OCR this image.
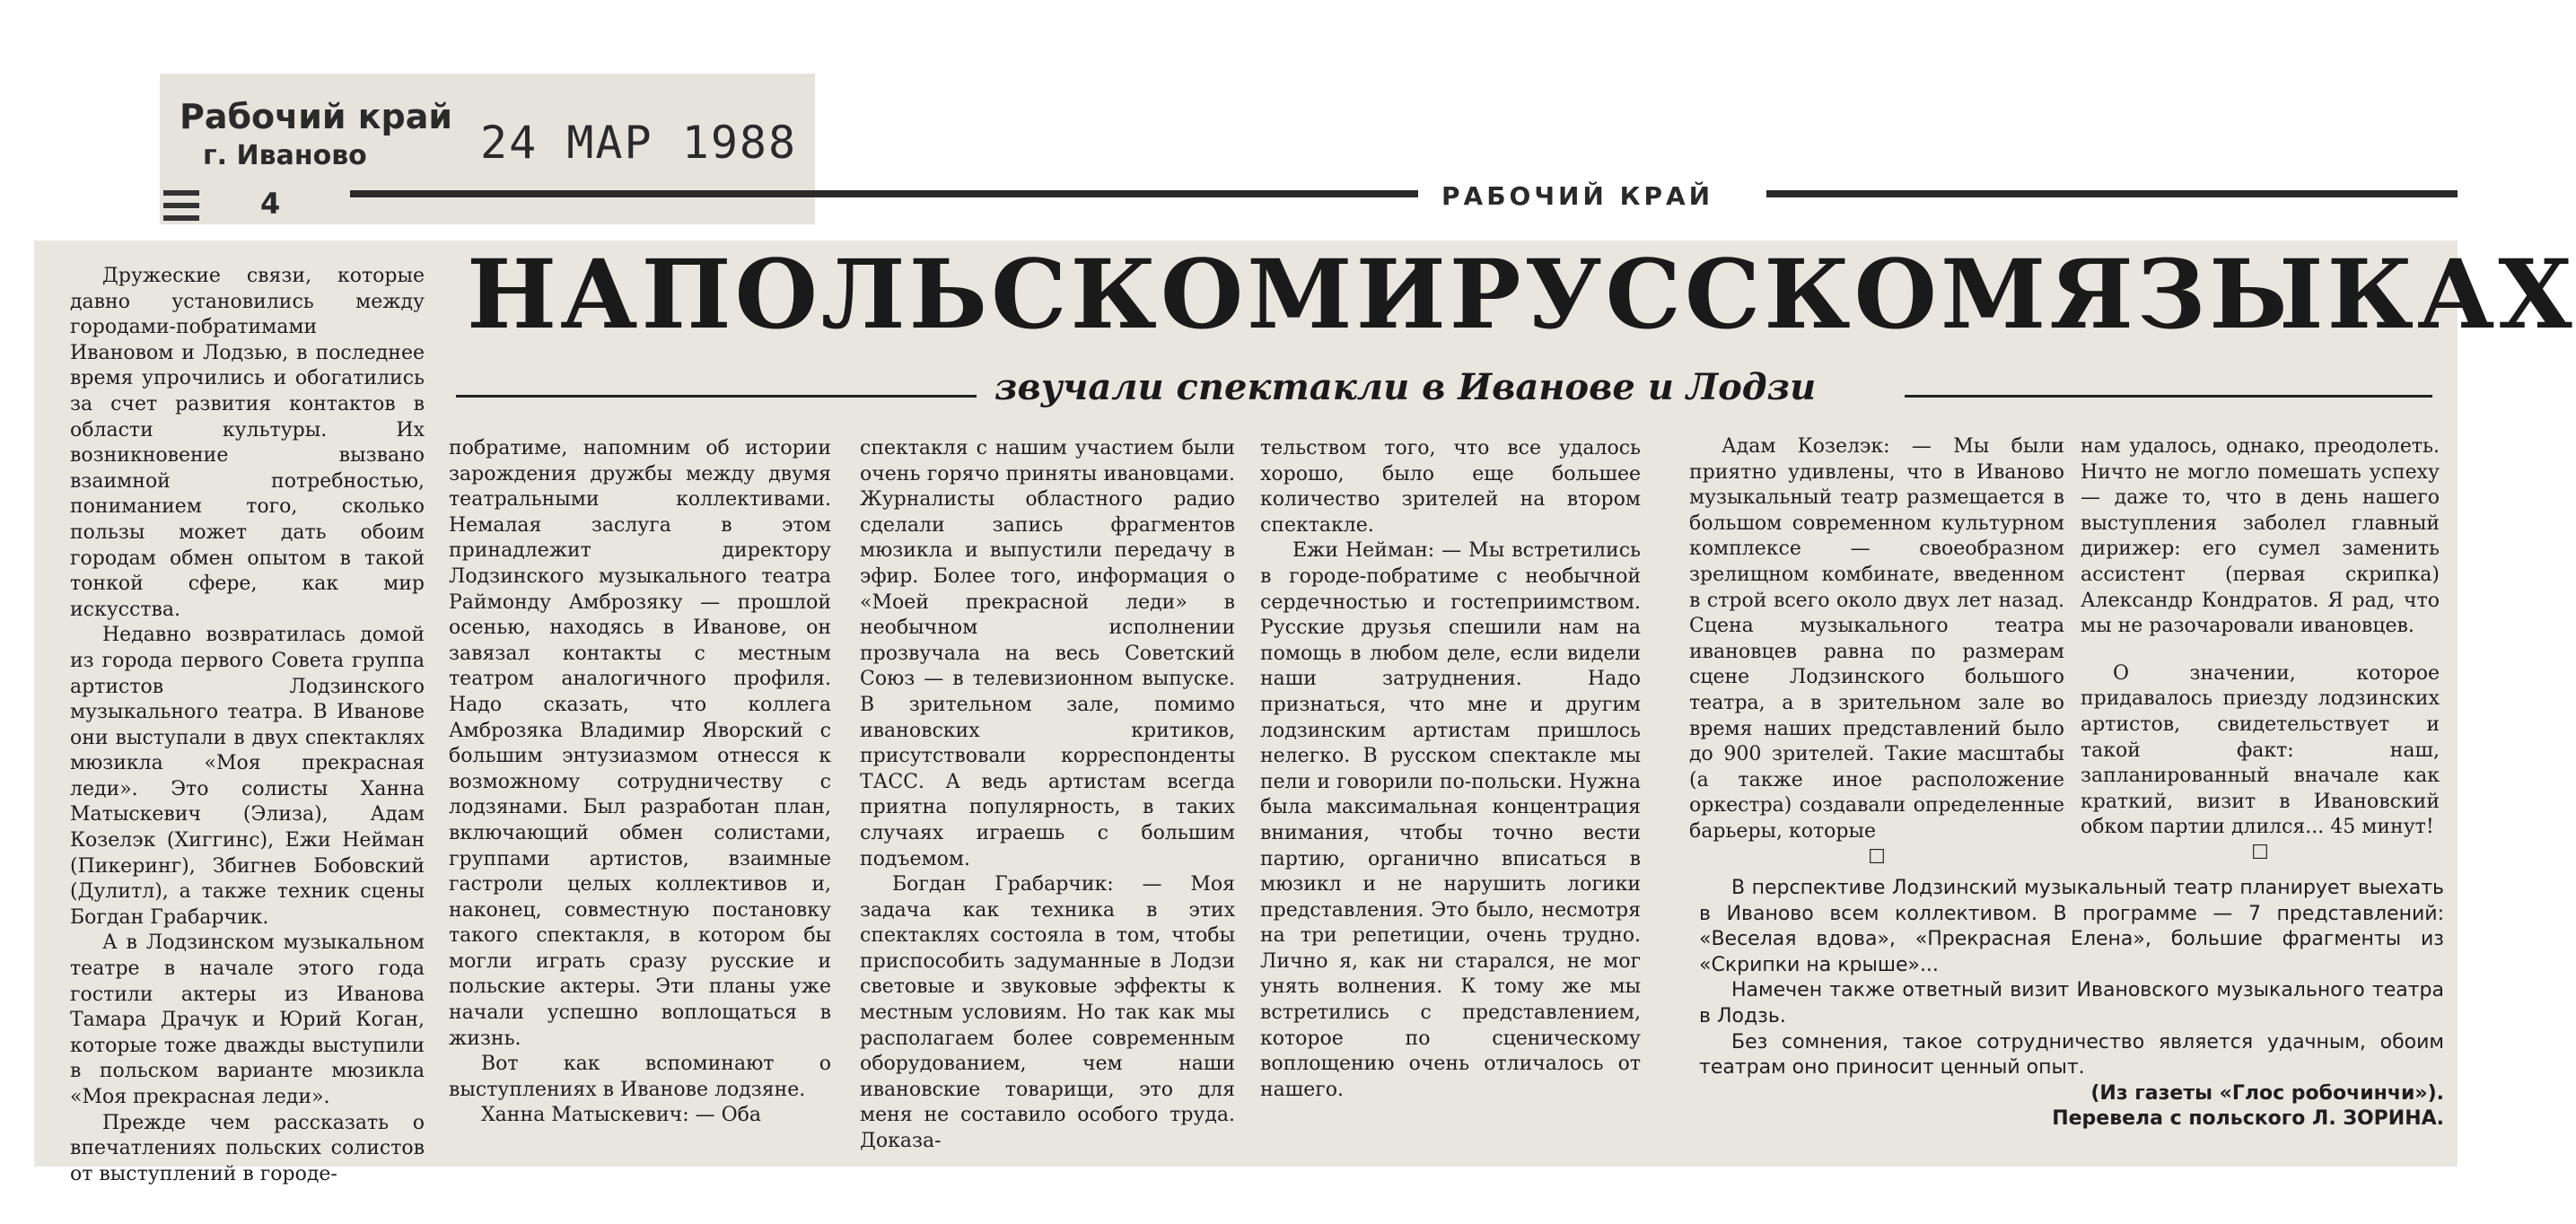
Рабочий край
г. Иваново
4
24 МАР 1988
РАБОЧИЙ КРАЙ
НА ПОЛЬСКОМ И РУССКОМ ЯЗЫКАХ
звучали спектакли в Иванове и Лодзи

Дружеские связи, которые давно установились между городами-побратимами Ивановом и Лодзью, в последнее время упрочились и обогатились за счет развития контактов в области культуры. Их возникновение вызвано взаимной потребностью, пониманием того, сколько пользы может дать обоим городам обмен опытом в такой тонкой сфере, как мир искусства.

Недавно возвратилась домой из города первого Совета группа артистов Лодзинского музыкального театра. В Иванове они выступали в двух спектаклях мюзикла «Моя прекрасная леди». Это солисты Ханна Матыскевич (Элиза), Адам Козелэк (Хиггинс), Ежи Нейман (Пикеринг), Збигнев Бобовский (Дулитл), а также техник сцены Богдан Грабарчик.

А в Лодзинском музыкальном театре в начале этого года гостили актеры из Иванова Тамара Драчук и Юрий Коган, которые тоже дважды выступили в польском варианте мюзикла «Моя прекрасная леди».

Прежде чем рассказать о впечатлениях польских солистов от выступлений в городе-

побратиме, напомним об истории зарождения дружбы между двумя театральными коллективами. Немалая заслуга в этом принадлежит директору Лодзинского музыкального театра Раймонду Амброзяку — прошлой осенью, находясь в Иванове, он завязал контакты с местным театром аналогичного профиля. Надо сказать, что коллега Амброзяка Владимир Яворский с большим энтузиазмом отнесся к возможному сотрудничеству с лодзянами. Был разработан план, включающий обмен солистами, группами артистов, взаимные гастроли целых коллективов и, наконец, совместную постановку такого спектакля, в котором бы могли играть сразу русские и польские актеры. Эти планы уже начали успешно воплощаться в жизнь.

Вот как вспоминают о выступлениях в Иванове лодзяне.

Ханна Матыскевич: — Оба

спектакля с нашим участием были очень горячо приняты ивановцами. Журналисты областного радио сделали запись фрагментов мюзикла и выпустили передачу в эфир. Более того, информация о «Моей прекрасной леди» в необычном исполнении прозвучала на весь Советский Союз — в телевизионном выпуске. В зрительном зале, помимо ивановских критиков, присутствовали корреспонденты ТАСС. А ведь артистам всегда приятна популярность, в таких случаях играешь с большим подъемом.

Богдан Грабарчик: — Моя задача как техника в этих спектаклях состояла в том, чтобы приспособить задуманные в Лодзи световые и звуковые эффекты к местным условиям. Но так как мы располагаем более современным оборудованием, чем наши ивановские товарищи, это для меня не составило особого труда. Доказа-

тельством того, что все удалось хорошо, было еще большее количество зрителей на втором спектакле.

Ежи Нейман: — Мы встретились в городе-побратиме с необычной сердечностью и гостеприимством. Русские друзья спешили нам на помощь в любом деле, если видели наши затруднения. Надо признаться, что мне и другим лодзинским артистам пришлось нелегко. В русском спектакле мы пели и говорили по-польски. Нужна была максимальная концентрация внимания, чтобы точно вести партию, органично вписаться в мюзикл и не нарушить логики представления. Это было, несмотря на три репетиции, очень трудно. Лично я, как ни старался, не мог унять волнения. К тому же мы встретились с представлением, которое по сценическому воплощению очень отличалось от нашего.

Адам Козелэк: — Мы были приятно удивлены, что в Иваново музыкальный театр размещается в большом современном культурном комплексе — своеобразном зрелищном комбинате, введенном в строй всего около двух лет назад. Сцена музыкального театра ивановцев равна по размерам сцене Лодзинского большого театра, а в зрительном зале во время наших представлений было до 900 зрителей. Такие масштабы (а также иное расположение оркестра) создавали определенные барьеры, которые

☐

нам удалось, однако, преодолеть. Ничто не могло помешать успеху — даже то, что в день нашего выступления заболел главный дирижер: его сумел заменить ассистент (первая скрипка) Александр Кондратов. Я рад, что мы не разочаровали ивановцев.

О значении, которое придавалось приезду лодзинских артистов, свидетельствует и такой факт: наш, запланированный вначале как краткий, визит в Ивановский обком партии длился... 45 минут!

☐

В перспективе Лодзинский музыкальный театр планирует выехать в Иваново всем коллективом. В программе — 7 представлений: «Веселая вдова», «Прекрасная Елена», большие фрагменты из «Скрипки на крыше»...

Намечен также ответный визит Ивановского музыкального театра в Лодзь.

Без сомнения, такое сотрудничество является удачным, обоим театрам оно приносит ценный опыт.

(Из газеты «Глос робочинчи»).
Перевела с польского Л. ЗОРИНА.
